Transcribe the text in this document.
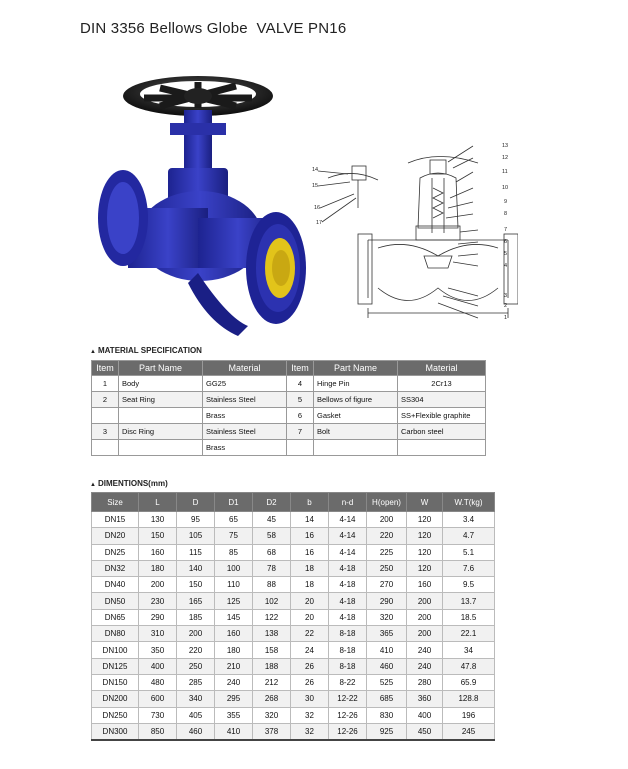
DIN 3356 Bellows Globe  VALVE PN16
14
15
16
17
13
12
11
10
9
8
7
6
5
4
3
2
1
▲ MATERIAL SPECIFICATION
Item	Part Name	Material	Item	Part Name	Material
1	Body	GG25	4	Hinge Pin	2Cr13
2	Seat Ring	Stainless Steel	5	Bellows of figure	SS304
		Brass	6	Gasket	SS+Flexible graphite
3	Disc Ring	Stainless Steel	7	Bolt	Carbon steel
		Brass			
▲ DIMENTIONS(mm)
Size	L	D	D1	D2	b	n-d	H(open)	W	W.T(kg)
DN15	130	95	65	45	14	4-14	200	120	3.4
DN20	150	105	75	58	16	4-14	220	120	4.7
DN25	160	115	85	68	16	4-14	225	120	5.1
DN32	180	140	100	78	18	4-18	250	120	7.6
DN40	200	150	110	88	18	4-18	270	160	9.5
DN50	230	165	125	102	20	4-18	290	200	13.7
DN65	290	185	145	122	20	4-18	320	200	18.5
DN80	310	200	160	138	22	8-18	365	200	22.1
DN100	350	220	180	158	24	8-18	410	240	34
DN125	400	250	210	188	26	8-18	460	240	47.8
DN150	480	285	240	212	26	8-22	525	280	65.9
DN200	600	340	295	268	30	12-22	685	360	128.8
DN250	730	405	355	320	32	12-26	830	400	196
DN300	850	460	410	378	32	12-26	925	450	245
